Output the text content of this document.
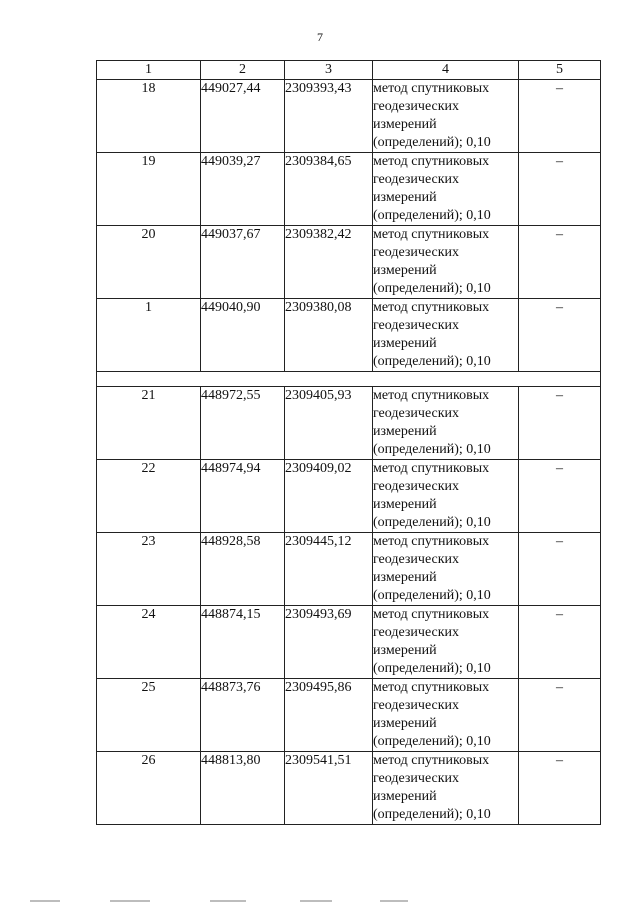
7
1	2	3	4	5
18	449027,44	2309393,43	метод спутниковых
геодезических
измерений
(определений); 0,10	–
19	449039,27	2309384,65	метод спутниковых
геодезических
измерений
(определений); 0,10	–
20	449037,67	2309382,42	метод спутниковых
геодезических
измерений
(определений); 0,10	–
1	449040,90	2309380,08	метод спутниковых
геодезических
измерений
(определений); 0,10	–

21	448972,55	2309405,93	метод спутниковых
геодезических
измерений
(определений); 0,10	–
22	448974,94	2309409,02	метод спутниковых
геодезических
измерений
(определений); 0,10	–
23	448928,58	2309445,12	метод спутниковых
геодезических
измерений
(определений); 0,10	–
24	448874,15	2309493,69	метод спутниковых
геодезических
измерений
(определений); 0,10	–
25	448873,76	2309495,86	метод спутниковых
геодезических
измерений
(определений); 0,10	–
26	448813,80	2309541,51	метод спутниковых
геодезических
измерений
(определений); 0,10	–
